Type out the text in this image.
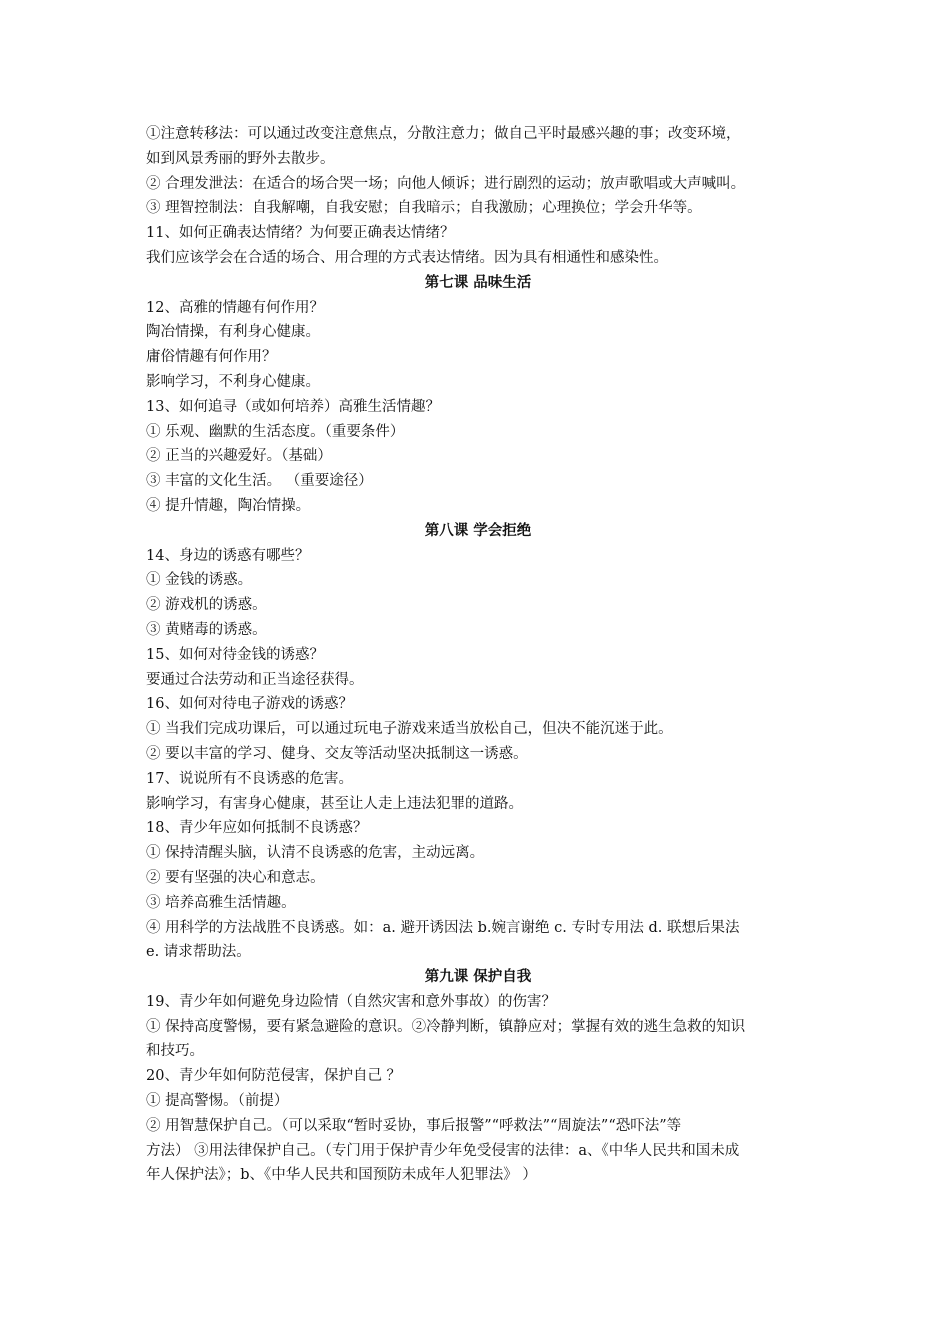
①注意转移法：可以通过改变注意焦点，分散注意力；做自己平时最感兴趣的事；改变环境，
如到风景秀丽的野外去散步。
② 合理发泄法：在适合的场合哭一场；向他人倾诉；进行剧烈的运动；放声歌唱或大声喊叫。
③ 理智控制法：自我解嘲，自我安慰；自我暗示；自我激励；心理换位；学会升华等。
11、如何正确表达情绪？为何要正确表达情绪？
我们应该学会在合适的场合、用合理的方式表达情绪。因为具有相通性和感染性。
第七课 品味生活
12、高雅的情趣有何作用？
陶冶情操，有利身心健康。
庸俗情趣有何作用？
影响学习，不利身心健康。
13、如何追寻（或如何培养）高雅生活情趣？
① 乐观、幽默的生活态度。（重要条件）
② 正当的兴趣爱好。（基础）
③ 丰富的文化生活。 （重要途径）
④ 提升情趣，陶冶情操。
第八课 学会拒绝
14、身边的诱惑有哪些？
① 金钱的诱惑。
② 游戏机的诱惑。
③ 黄赌毒的诱惑。
15、如何对待金钱的诱惑？
要通过合法劳动和正当途径获得。
16、如何对待电子游戏的诱惑？
① 当我们完成功课后，可以通过玩电子游戏来适当放松自己，但决不能沉迷于此。
② 要以丰富的学习、健身、交友等活动坚决抵制这一诱惑。
17、说说所有不良诱惑的危害。
影响学习，有害身心健康，甚至让人走上违法犯罪的道路。
18、青少年应如何抵制不良诱惑？
① 保持清醒头脑，认清不良诱惑的危害，主动远离。
② 要有坚强的决心和意志。
③ 培养高雅生活情趣。
④ 用科学的方法战胜不良诱惑。如：a. 避开诱因法 b.婉言谢绝 c. 专时专用法 d. 联想后果法
e. 请求帮助法。
第九课 保护自我
19、青少年如何避免身边险情（自然灾害和意外事故）的伤害？
① 保持高度警惕，要有紧急避险的意识。②冷静判断，镇静应对；掌握有效的逃生急救的知识
和技巧。
20、青少年如何防范侵害，保护自己 ？
① 提高警惕。（前提）
② 用智慧保护自己。（可以采取“暂时妥协，事后报警”“呼救法”“周旋法”“恐吓法”等
方法） ③用法律保护自己。（专门用于保护青少年免受侵害的法律：a、《中华人民共和国未成
年人保护法》；b、《中华人民共和国预防未成年人犯罪法》 ）
